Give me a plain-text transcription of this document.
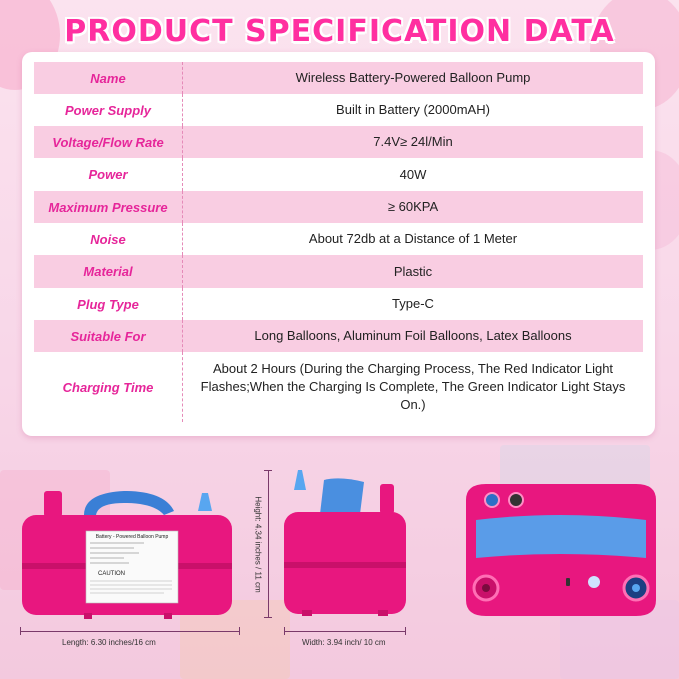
PRODUCT SPECIFICATION DATA
Name	Wireless Battery-Powered Balloon Pump
Power Supply	Built in Battery (2000mAH)
Voltage/Flow Rate	7.4V≥ 24l/Min
Power	40W
Maximum Pressure	≥ 60KPA
Noise	About 72db at a Distance of 1 Meter
Material	Plastic
Plug Type	Type-C
Suitable For	Long Balloons, Aluminum Foil Balloons, Latex Balloons
Charging Time	About 2 Hours (During the Charging Process, The Red Indicator Light Flashes;When the Charging Is Complete, The Green Indicator Light Stays On.)
Battery - Powered Balloon Pump
CAUTION
Length: 6.30 inches/16 cm
Height: 4.34 inches / 11 cm
Width: 3.94 inch/ 10 cm
